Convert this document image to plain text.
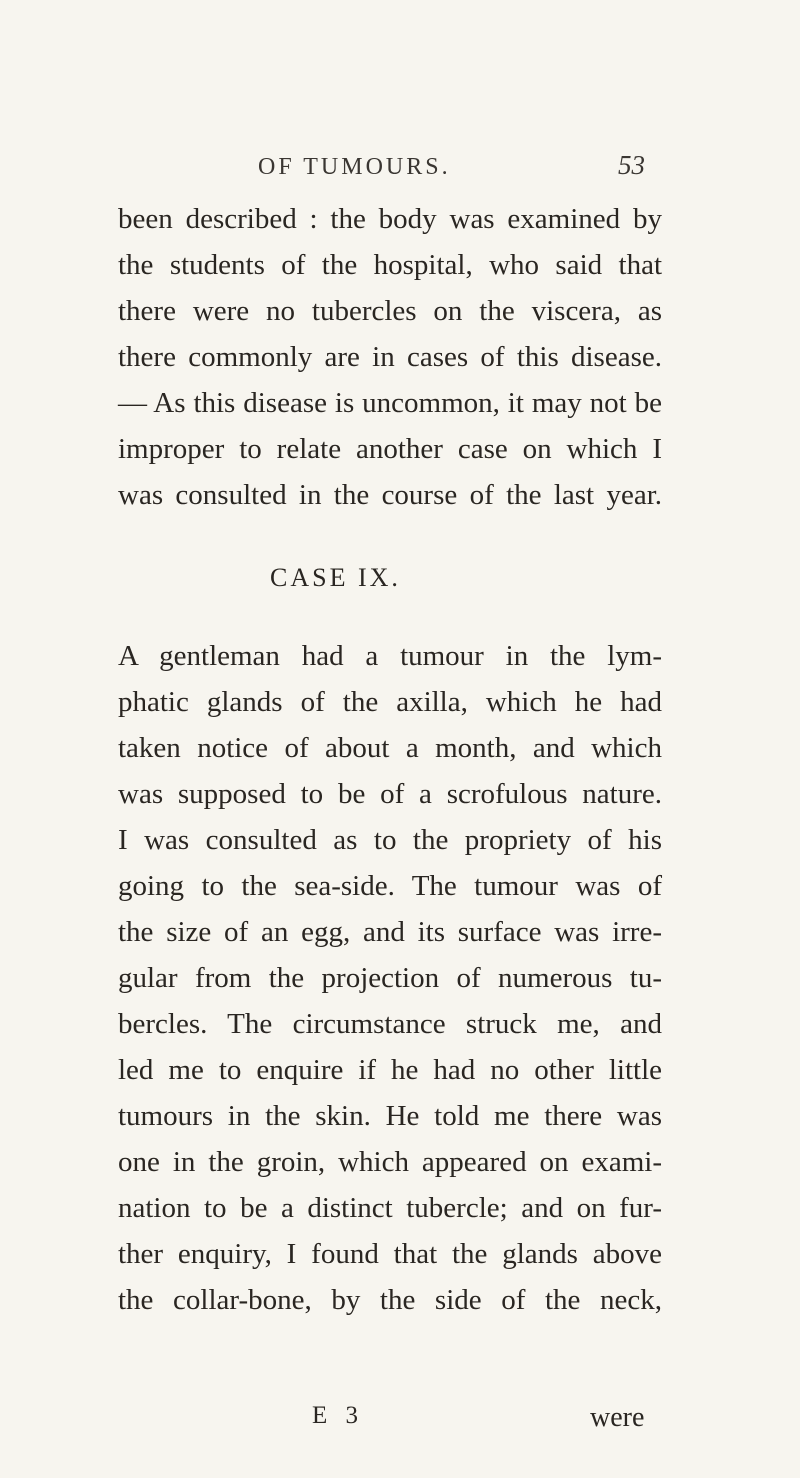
OF TUMOURS.	53
been described : the body was examined by
the students of the hospital, who said that
there were no tubercles on the viscera, as
there commonly are in cases of this disease.
— As this disease is uncommon, it may not be
improper to relate another case on which I
was consulted in the course of the last year.
CASE IX.
A gentleman had a tumour in the lym-
phatic glands of the axilla, which he had
taken notice of about a month, and which
was supposed to be of a scrofulous nature.
I was consulted as to the propriety of his
going to the sea-side. The tumour was of
the size of an egg, and its surface was irre-
gular from the projection of numerous tu-
bercles. The circumstance struck me, and
led me to enquire if he had no other little
tumours in the skin. He told me there was
one in the groin, which appeared on exami-
nation to be a distinct tubercle; and on fur-
ther enquiry, I found that the glands above
the collar-bone, by the side of the neck,
E 3	were
